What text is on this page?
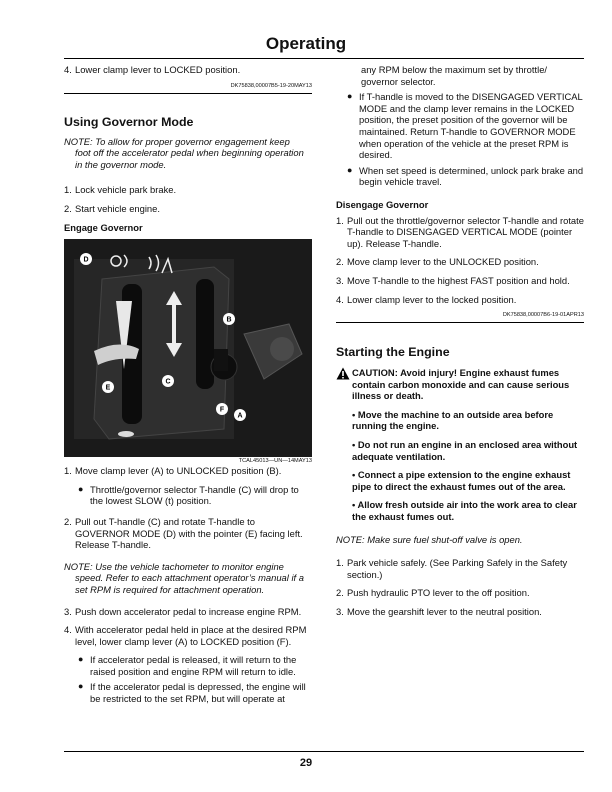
Operating
4. Lower clamp lever to LOCKED position.
DK75838,00007B5-19-20MAY13
Using Governor Mode

NOTE: To allow for proper governor engagement keep
foot off the accelerator pedal when beginning operation in the governor mode.

1. Lock vehicle park brake.
2. Start vehicle engine.
Engage Governor
D
B
C
E
F
A
TCAL45013—UN—14MAY13
1. Move clamp lever (A) to UNLOCKED position (B).
● Throttle/governor selector T-handle (C) will drop to the lowest SLOW (t) position.
2. Pull out T-handle (C) and rotate T-handle to GOVERNOR MODE (D) with the pointer (E) facing left. Release T-handle.

NOTE: Use the vehicle tachometer to monitor engine
speed. Refer to each attachment operator’s manual if a set RPM is required for attachment operation.

3. Push down accelerator pedal to increase engine RPM.
4. With accelerator pedal held in place at the desired RPM level, lower clamp lever (A) to LOCKED position (F).
● If accelerator pedal is released, it will return to the raised position and engine RPM will return to idle.
● If the accelerator pedal is depressed, the engine will be restricted to the set RPM, but will operate at
any RPM below the maximum set by throttle/ governor selector.
● If T-handle is moved to the DISENGAGED VERTICAL MODE and the clamp lever remains in the LOCKED position, the preset position of the governor will be maintained. Return T-handle to GOVERNOR MODE when operation of the vehicle at the preset RPM is desired.
● When set speed is determined, unlock park brake and begin vehicle travel.
Disengage Governor
1. Pull out the throttle/governor selector T-handle and rotate T-handle to DISENGAGED VERTICAL MODE (pointer up). Release T-handle.
2. Move clamp lever to the UNLOCKED position.
3. Move T-handle to the highest FAST position and hold.
4. Lower clamp lever to the locked position.
DK75838,00007B6-19-01APR13
Starting the Engine

CAUTION: Avoid injury! Engine exhaust fumes contain carbon monoxide and can cause serious illness or death.

• Move the machine to an outside area before running the engine.

• Do not run an engine in an enclosed area without adequate ventilation.

• Connect a pipe extension to the engine exhaust pipe to direct the exhaust fumes out of the area.

• Allow fresh outside air into the work area to clear the exhaust fumes out.

NOTE: Make sure fuel shut-off valve is open.

1. Park vehicle safely. (See Parking Safely in the Safety section.)
2. Push hydraulic PTO lever to the off position.
3. Move the gearshift lever to the neutral position.
29
